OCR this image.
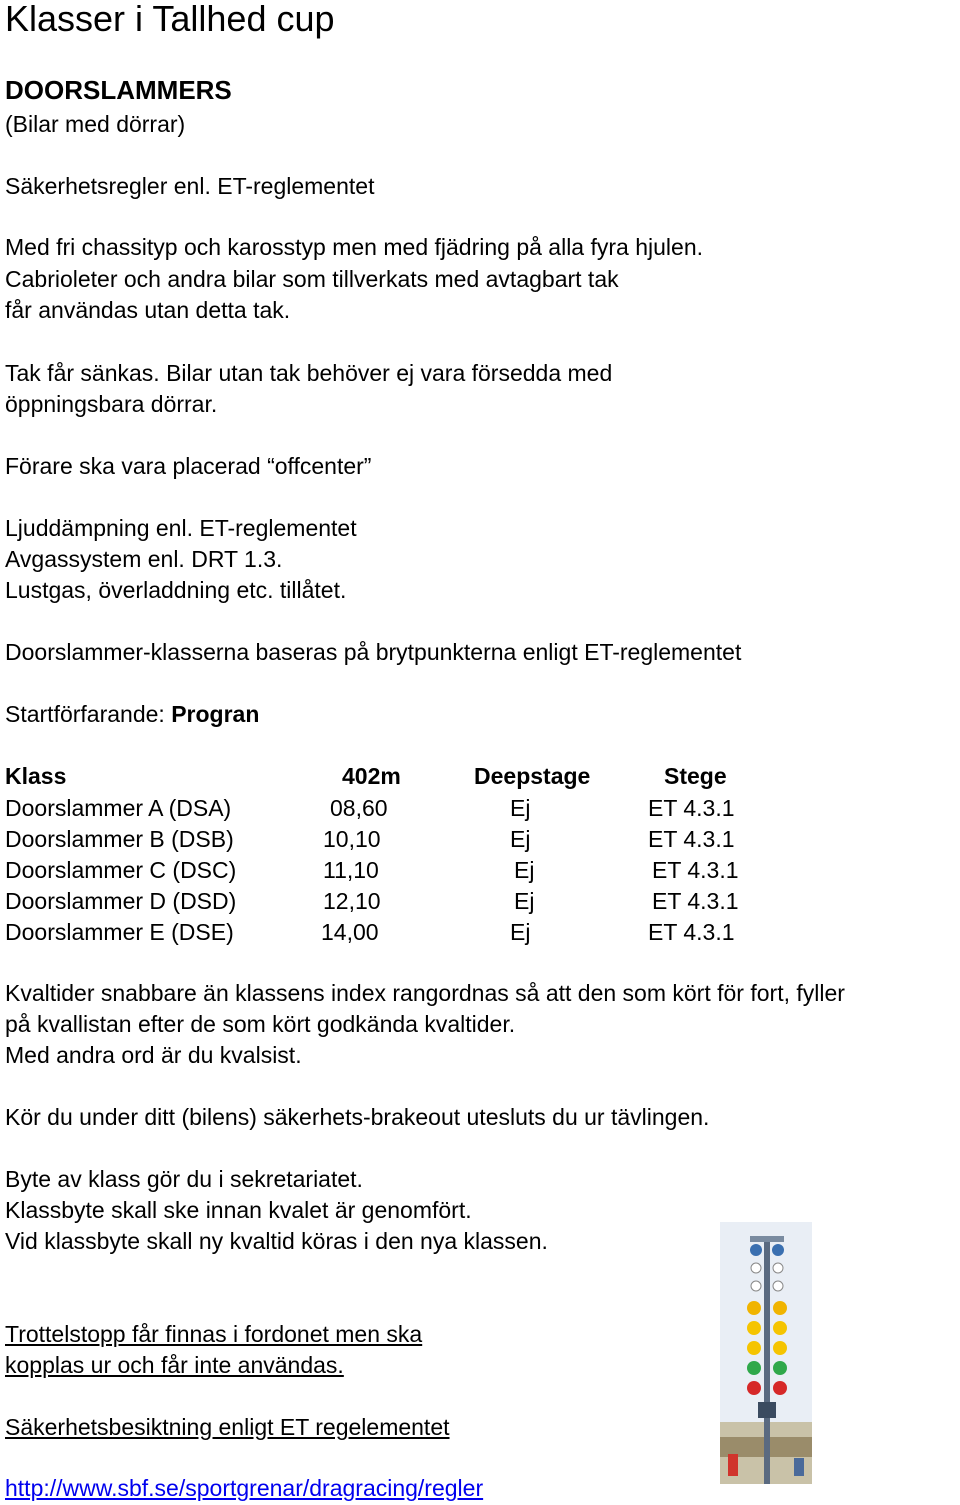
Klasser i Tallhed cup
DOORSLAMMERS
(Bilar med dörrar)
Säkerhetsregler enl. ET-reglementet
Med fri chassityp och karosstyp men med fjädring på alla fyra hjulen.
Cabrioleter och andra bilar som tillverkats med avtagbart tak
får användas utan detta tak.
Tak får sänkas. Bilar utan tak behöver ej vara försedda med
öppningsbara dörrar.
Förare ska vara placerad “offcenter”
Ljuddämpning enl. ET-reglementet
Avgassystem enl. DRT 1.3.
Lustgas, överladdning etc. tillåtet.
Doorslammer-klasserna baseras på brytpunkterna enligt ET-reglementet
Startförfarande: Progran
Klass	402m	Deepstage	Stege
Doorslammer A (DSA)	08,60	Ej	ET 4.3.1
Doorslammer B (DSB)	10,10	Ej	ET 4.3.1
Doorslammer C (DSC)	11,10	Ej	ET 4.3.1
Doorslammer D (DSD)	12,10	Ej	ET 4.3.1
Doorslammer E (DSE)	14,00	Ej	ET 4.3.1
Kvaltider snabbare än klassens index rangordnas så att den som kört för fort, fyller
på kvallistan efter de som kört godkända kvaltider.
Med andra ord är du kvalsist.
Kör du under ditt (bilens) säkerhets-brakeout utesluts du ur tävlingen.
Byte av klass gör du i sekretariatet.
Klassbyte skall ske innan kvalet är genomfört.
Vid klassbyte skall ny kvaltid köras i den nya klassen.
Trottelstopp får finnas i fordonet men ska
kopplas ur och får inte användas.
Säkerhetsbesiktning enligt ET regelementet
http://www.sbf.se/sportgrenar/dragracing/regler
